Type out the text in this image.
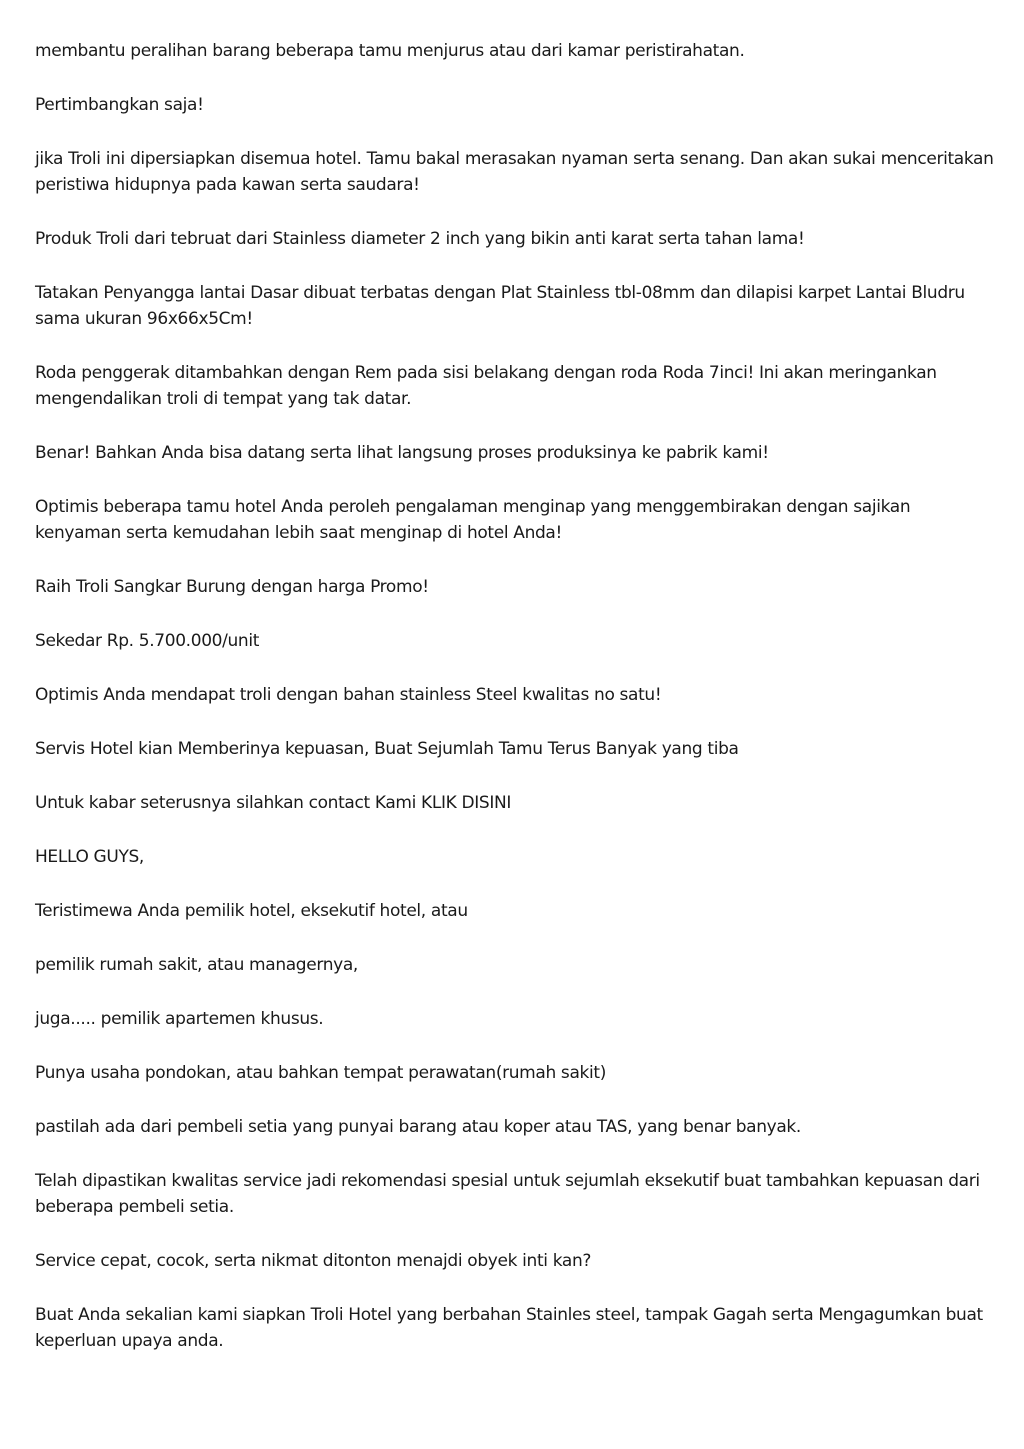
membantu peralihan barang beberapa tamu menjurus atau dari kamar peristirahatan.

Pertimbangkan saja!

jika Troli ini dipersiapkan disemua hotel. Tamu bakal merasakan nyaman serta senang. Dan akan sukai menceritakan peristiwa hidupnya pada kawan serta saudara!

Produk Troli dari tebruat dari Stainless diameter 2 inch yang bikin anti karat serta tahan lama!

Tatakan Penyangga lantai Dasar dibuat terbatas dengan Plat Stainless tbl-08mm dan dilapisi karpet Lantai Bludru sama ukuran 96x66x5Cm!

Roda penggerak ditambahkan dengan Rem pada sisi belakang dengan roda Roda 7inci! Ini akan meringankan mengendalikan troli di tempat yang tak datar.

Benar! Bahkan Anda bisa datang serta lihat langsung proses produksinya ke pabrik kami!

Optimis beberapa tamu hotel Anda peroleh pengalaman menginap yang menggembirakan dengan sajikan kenyaman serta kemudahan lebih saat menginap di hotel Anda!

Raih Troli Sangkar Burung dengan harga Promo!

Sekedar Rp. 5.700.000/unit

Optimis Anda mendapat troli dengan bahan stainless Steel kwalitas no satu!

Servis Hotel kian Memberinya kepuasan, Buat Sejumlah Tamu Terus Banyak yang tiba

Untuk kabar seterusnya silahkan contact Kami KLIK DISINI

HELLO GUYS,

Teristimewa Anda pemilik hotel, eksekutif hotel, atau

pemilik rumah sakit, atau managernya,

juga..... pemilik apartemen khusus.

Punya usaha pondokan, atau bahkan tempat perawatan(rumah sakit)

pastilah ada dari pembeli setia yang punyai barang atau koper atau TAS, yang benar banyak.

Telah dipastikan kwalitas service jadi rekomendasi spesial untuk sejumlah eksekutif buat tambahkan kepuasan dari beberapa pembeli setia.

Service cepat, cocok, serta nikmat ditonton menajdi obyek inti kan?

Buat Anda sekalian kami siapkan Troli Hotel yang berbahan Stainles steel, tampak Gagah serta Mengagumkan buat keperluan upaya anda.
